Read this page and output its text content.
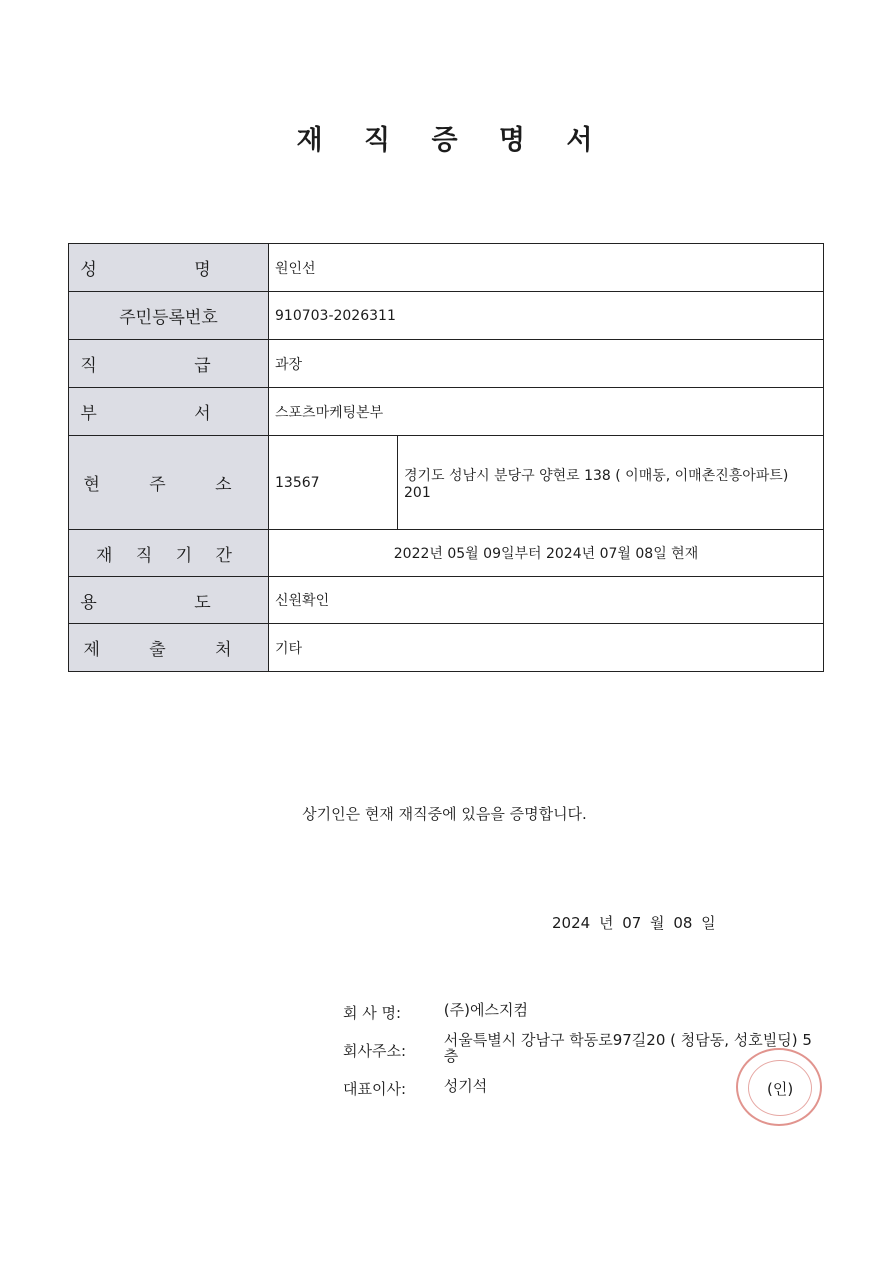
재 직 증 명 서
성 명	원인선	
주민등록번호	910703-2026311	
직 급	과장	
부 서	스포츠마케팅본부	
현 주 소	13567	경기도 성남시 분당구 양현로 138 ( 이매동, 이매촌진흥아파트) 201
재 직 기 간	2022년 05월 09일부터 2024년 07월 08일 현재	
용 도	신원확인	
제 출 처	기타	
상기인은 현재 재직중에 있음을 증명합니다.
2024 년 07 월 08 일
회 사 명:	(주)에스지컴
회사주소: 서울특별시 강남구 학동로97길20 ( 청담동, 성호빌딩) 5층
대표이사:	성기석	(인)
